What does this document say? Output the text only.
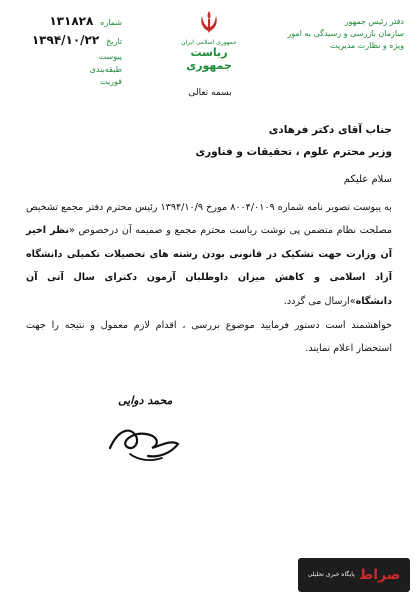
شماره ۱۳۱۸۲۸
تاریخ ۱۳۹۴/۱۰/۲۲
پیوست
طبقه‌بندی
فوریت
جمهوری اسلامی ایران
ریاست جمهوری
دفتر رئیس جمهور
سازمان بازرسی و رسیدگی به امور ویژه و نظارت مدیریت
بسمه تعالی
جناب آقای دکتر فرهادی
وزیر محترم علوم ، تحقیقات و فناوری
سلام علیکم
به پیوست تصویر نامه شماره ۸۰۰۴/۰۱۰۹ مورخ ۱۳۹۴/۱۰/۹ رئیس محترم دفتر مجمع تشخیص مصلحت نظام متضمن پی نوشت ریاست محترم مجمع و ضمیمه آن درخصوص «نظر اخیر آن وزارت جهت تشکیک در قانونی بودن رشته های تحصیلات تکمیلی دانشگاه آزاد اسلامی و کاهش میزان داوطلبان آزمون دکترای سال آتی آن دانشگاه»ارسال می گردد.
خواهشمند است دستور فرمایید موضوع بررسی ، اقدام لازم معمول و نتیجه را جهت استحضار اعلام نمایند.
محمد دوایی
پایگاه خبری تحلیلی صراط
